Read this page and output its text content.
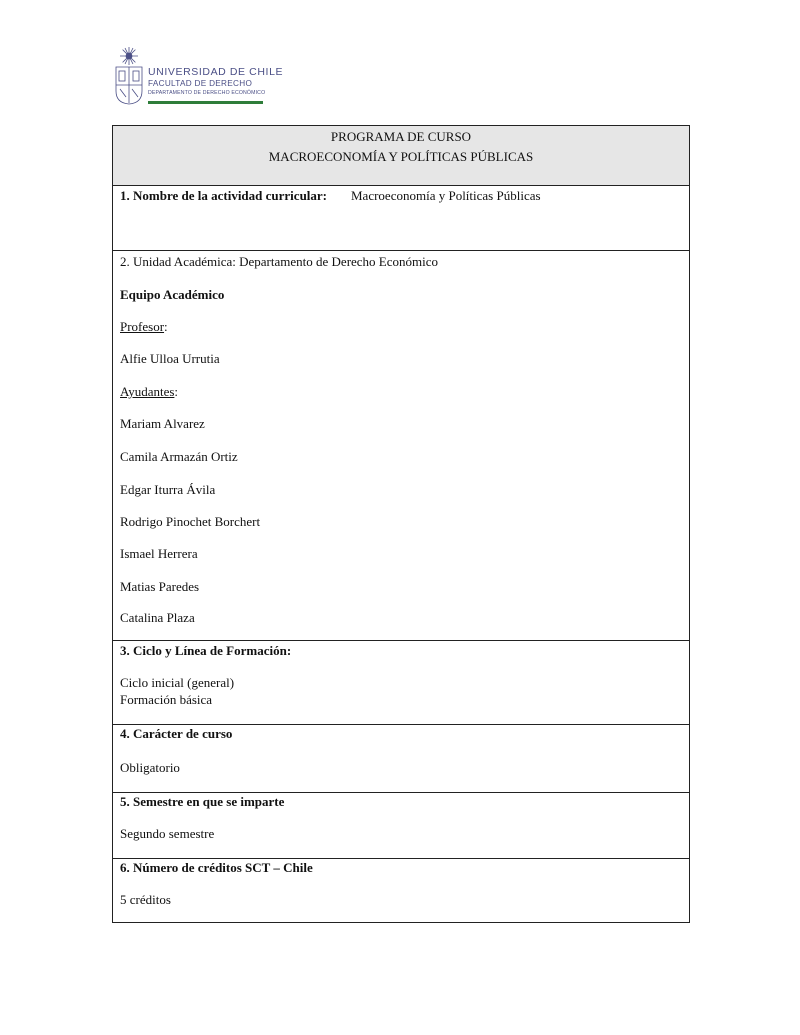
UNIVERSIDAD DE CHILE
FACULTAD DE DERECHO
DEPARTAMENTO DE DERECHO ECONÓMICO
PROGRAMA DE CURSO
MACROECONOMÍA Y POLÍTICAS PÚBLICAS
1. Nombre de la actividad curricular: Macroeconomía y Políticas Públicas
2. Unidad Académica: Departamento de Derecho Económico
Equipo Académico
Profesor:
Alfie Ulloa Urrutia
Ayudantes:
Mariam Alvarez
Camila Armazán Ortiz
Edgar Iturra Ávila
Rodrigo Pinochet Borchert
Ismael Herrera
Matias Paredes
Catalina Plaza
3. Ciclo y Línea de Formación:
Ciclo inicial (general)
Formación básica
4. Carácter de curso
Obligatorio
5. Semestre en que se imparte
Segundo semestre
6. Número de créditos SCT – Chile
5 créditos
